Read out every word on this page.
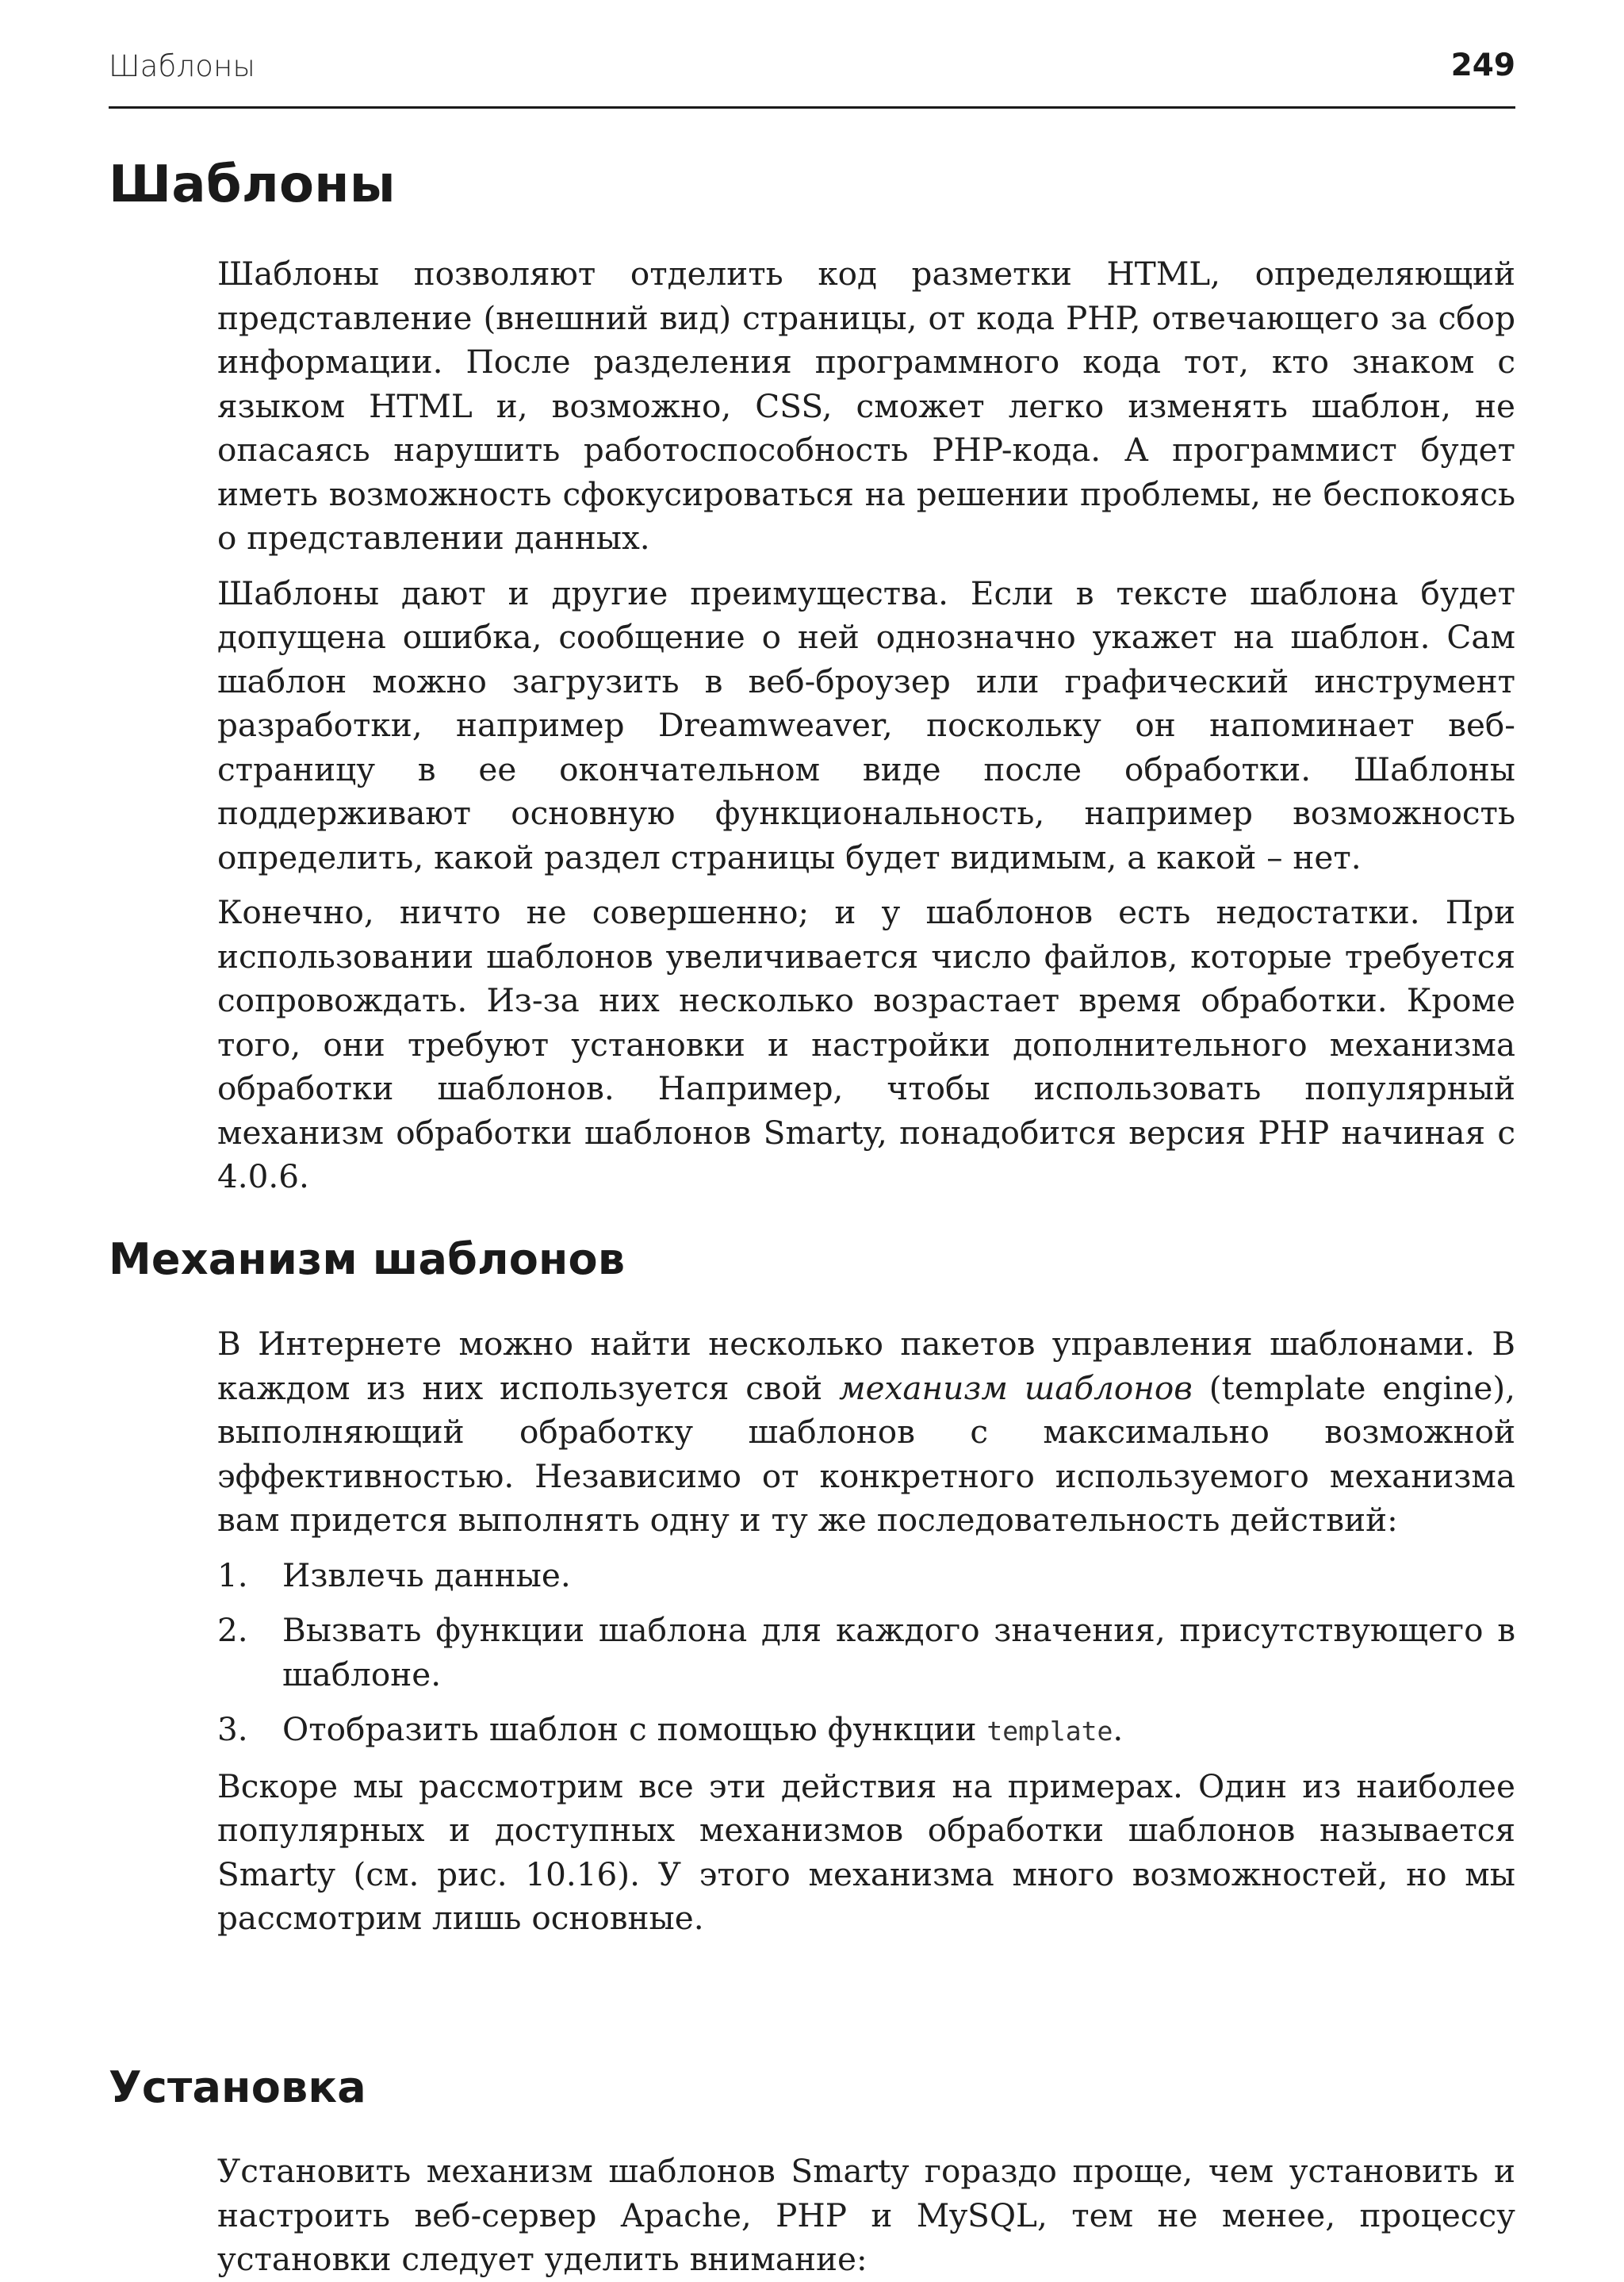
Шаблоны	249
Шаблоны

Шаблоны позволяют отделить код разметки HTML, определяющий представление (внешний вид) страницы, от кода PHP, отвечающего за сбор информации. После разделения программного кода тот, кто знаком с языком HTML и, возможно, CSS, сможет легко изменять шаблон, не опасаясь нарушить работоспособность PHP-кода. А программист будет иметь возможность сфокусироваться на решении проблемы, не беспокоясь о представлении данных.

Шаблоны дают и другие преимущества. Если в тексте шаблона будет допущена ошибка, сообщение о ней однозначно укажет на шаблон. Сам шаблон можно загрузить в веб-броузер или графический инструмент разработки, например Dreamweaver, поскольку он напоминает веб-страницу в ее окончательном виде после обработки. Шаблоны поддерживают основную функциональность, например возможность определить, какой раздел страницы будет видимым, а какой – нет.

Конечно, ничто не совершенно; и у шаблонов есть недостатки. При использовании шаблонов увеличивается число файлов, которые требуется сопровождать. Из-за них несколько возрастает время обработки. Кроме того, они требуют установки и настройки дополнительного механизма обработки шаблонов. Например, чтобы использовать популярный механизм обработки шаблонов Smarty, понадобится версия PHP начиная с 4.0.6.

Механизм шаблонов

В Интернете можно найти несколько пакетов управления шаблонами. В каждом из них используется свой механизм шаблонов (template engine), выполняющий обработку шаблонов с максимально возможной эффективностью. Независимо от конкретного используемого механизма вам придется выполнять одну и ту же последовательность действий:

1. Извлечь данные.
2. Вызвать функции шаблона для каждого значения, присутствующего в шаблоне.
3. Отобразить шаблон с помощью функции template.

Вскоре мы рассмотрим все эти действия на примерах. Один из наиболее популярных и доступных механизмов обработки шаблонов называется Smarty (см. рис. 10.16). У этого механизма много возможностей, но мы рассмотрим лишь основные.

Установка

Установить механизм шаблонов Smarty гораздо проще, чем установить и настроить веб-сервер Apache, PHP и MySQL, тем не менее, процессу установки следует уделить внимание:
